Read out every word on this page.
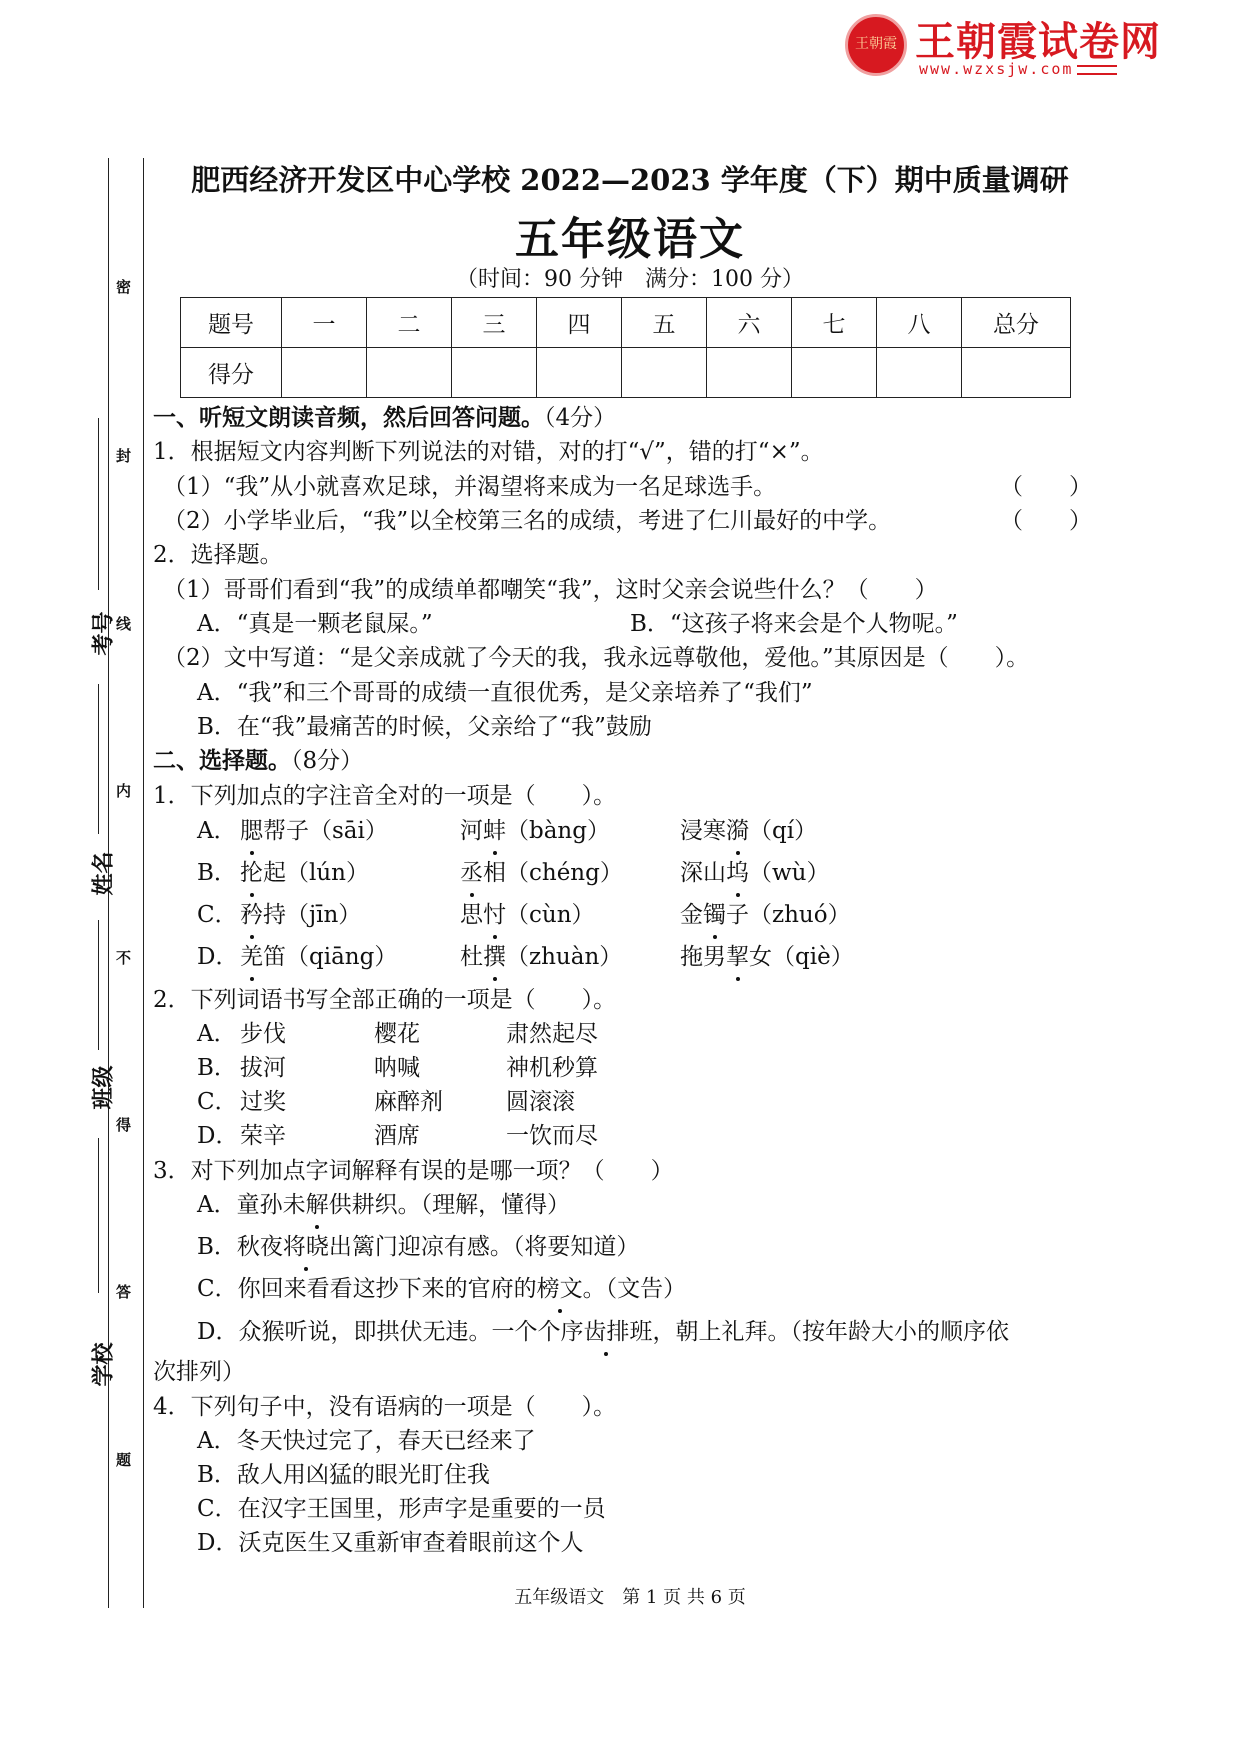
王朝霞 王朝霞试卷网
www.wzxsjw.com
密
封
线
内
不
得
答
题
考号
姓名
班级
学校
肥西经济开发区中心学校 2022—2023 学年度（下）期中质量调研
五年级语文
（时间：90 分钟　满分：100 分）
题号	一	二	三	四	五	六	七	八	总分
得分									
一、听短文朗读音频，然后回答问题。（4分）
1．根据短文内容判断下列说法的对错，对的打“√”，错的打“×”。
（1）“我”从小就喜欢足球，并渴望将来成为一名足球选手。	（　　）
（2）小学毕业后，“我”以全校第三名的成绩，考进了仁川最好的中学。	（　　）
2．选择题。
（1）哥哥们看到“我”的成绩单都嘲笑“我”，这时父亲会说些什么？（　　）
A．“真是一颗老鼠屎。”	B．“这孩子将来会是个人物呢。”
（2）文中写道：“是父亲成就了今天的我，我永远尊敬他，爱他。”其原因是（　　）。
A．“我”和三个哥哥的成绩一直很优秀，是父亲培养了“我们”
B．在“我”最痛苦的时候，父亲给了“我”鼓励
二、选择题。（8分）
1．下列加点的字注音全对的一项是（　　）。
A． 腮帮子（sāi）	河蚌（bàng）	浸寒漪（qí）
B． 抡起（lún）	丞相（chéng） 深山坞（wù）
C． 矜持（jīn）	思忖（cùn）	金镯子（zhuó）
D． 羌笛（qiāng）	杜撰（zhuàn）	拖男挈女（qiè）
2．下列词语书写全部正确的一项是（　　）。
A． 步伐	樱花	肃然起尽
B． 拔河	呐喊	神机秒算
C． 过奖	麻醉剂	圆滚滚
D． 荣辛	酒席	一饮而尽
3．对下列加点字词解释有误的是哪一项？（　　）
A．童孙未解供耕织。（理解，懂得）
B．秋夜将晓出篱门迎凉有感。（将要知道）
C．你回来看看这抄下来的官府的榜文。（文告）
D．众猴听说，即拱伏无违。一个个序齿排班，朝上礼拜。（按年龄大小的顺序依
次排列）
4．下列句子中，没有语病的一项是（　　）。
A．冬天快过完了，春天已经来了
B．敌人用凶猛的眼光盯住我
C．在汉字王国里，形声字是重要的一员
D．沃克医生又重新审查着眼前这个人
五年级语文　第 1 页 共 6 页
